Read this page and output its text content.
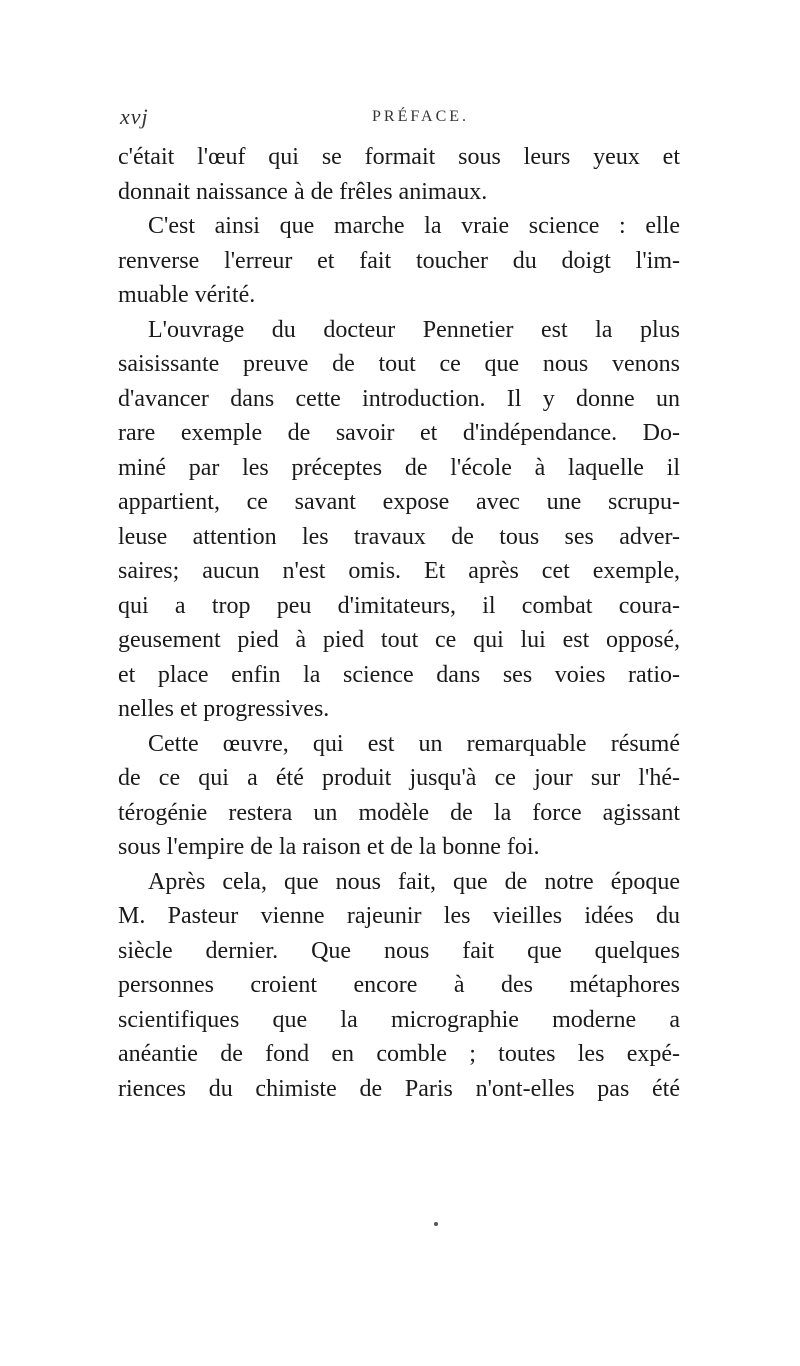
xvj	PRÉFACE.
c'était l'œuf qui se formait sous leurs yeux et
donnait naissance à de frêles animaux.
C'est ainsi que marche la vraie science : elle
renverse l'erreur et fait toucher du doigt l'im-
muable vérité.
L'ouvrage du docteur Pennetier est la plus
saisissante preuve de tout ce que nous venons
d'avancer dans cette introduction. Il y donne un
rare exemple de savoir et d'indépendance. Do-
miné par les préceptes de l'école à laquelle il
appartient, ce savant expose avec une scrupu-
leuse attention les travaux de tous ses adver-
saires; aucun n'est omis. Et après cet exemple,
qui a trop peu d'imitateurs, il combat coura-
geusement pied à pied tout ce qui lui est opposé,
et place enfin la science dans ses voies ratio-
nelles et progressives.
Cette œuvre, qui est un remarquable résumé
de ce qui a été produit jusqu'à ce jour sur l'hé-
térogénie restera un modèle de la force agissant
sous l'empire de la raison et de la bonne foi.
Après cela, que nous fait, que de notre époque
M. Pasteur vienne rajeunir les vieilles idées du
siècle dernier. Que nous fait que quelques
personnes croient encore à des métaphores
scientifiques que la micrographie moderne a
anéantie de fond en comble ; toutes les expé-
riences du chimiste de Paris n'ont-elles pas été
